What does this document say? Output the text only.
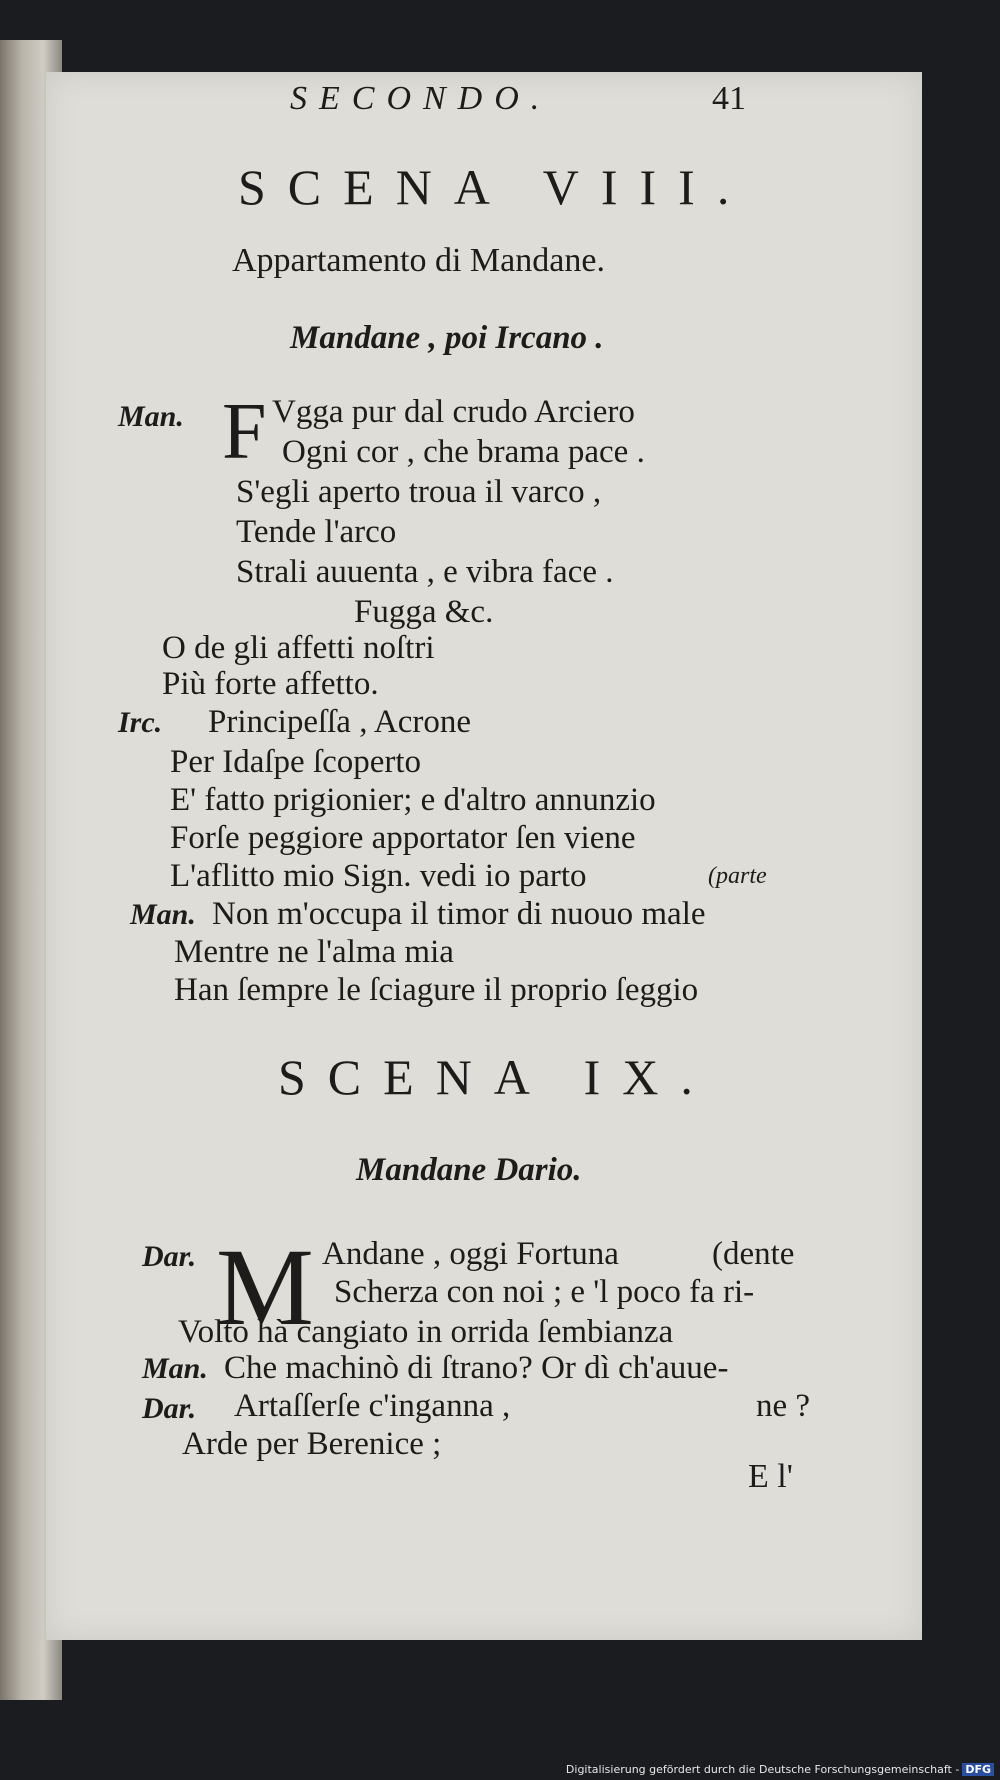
SECONDO.	41
SCENA VIII.
Appartamento di Mandane.
Mandane , poi Ircano .
Man. F Vgga pur dal crudo Arciero
Ogni cor , che brama pace .
S'egli aperto troua il varco ,
Tende l'arco
Strali auuenta , e vibra face .
Fugga &c.
O de gli affetti noſtri
Più forte affetto.
Irc. Principeſſa , Acrone
Per Idaſpe ſcoperto
E' fatto prigionier; e d'altro annunzio
Forſe peggiore apportator ſen viene
L'aflitto mio Sign. vedi io parto	(parte
Man. Non m'occupa il timor di nuouo male
Mentre ne l'alma mia
Han ſempre le ſciagure il proprio ſeggio
SCENA IX.
Mandane Dario.
Dar. M Andane , oggi Fortuna	(dente
Scherza con noi ; e 'l poco fa ri-
Volto hà cangiato in orrida ſembianza
Man. Che machinò di ſtrano? Or dì ch'auue-
Dar. Artaſſerſe c'inganna ,	ne ?
Arde per Berenice ;
E l'
Digitalisierung gefördert durch die Deutsche Forschungsgemeinschaft - DFG
